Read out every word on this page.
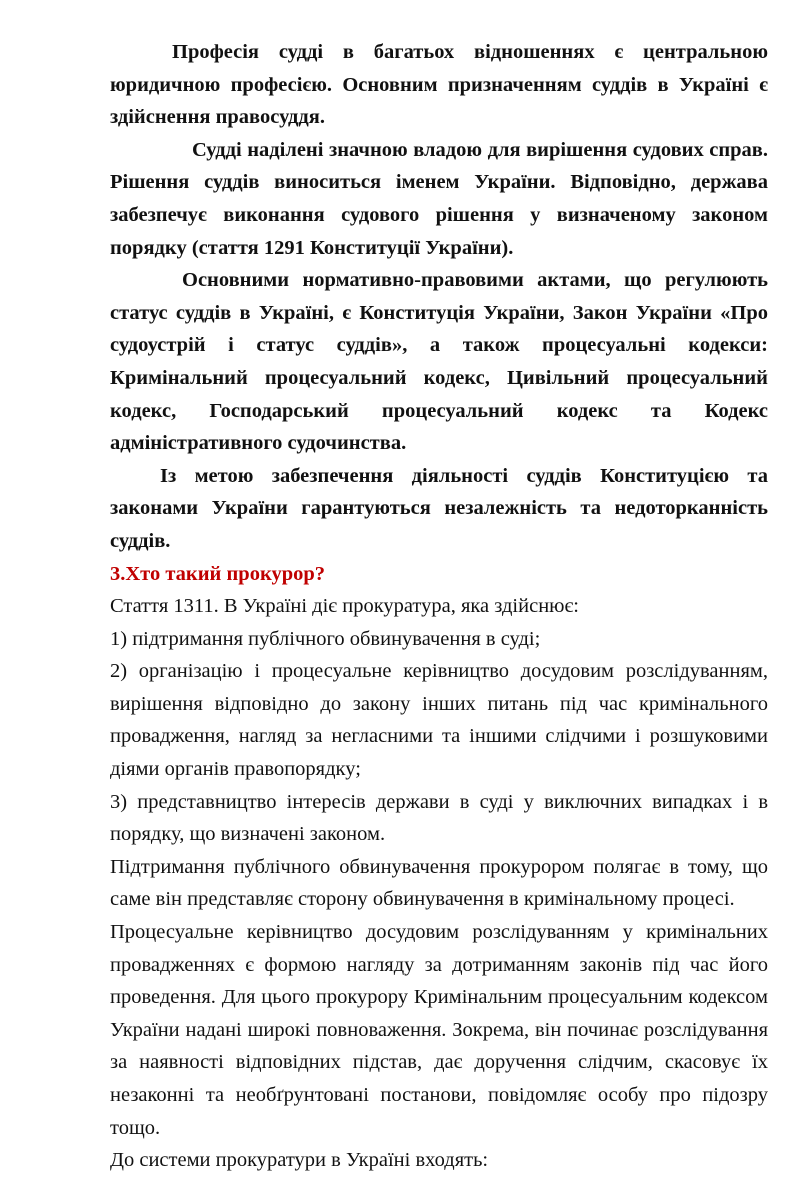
Професія судді в багатьох відношеннях є центральною юридичною професією. Основним призначенням суддів в Україні є здійснення правосуддя.

Судді наділені значною владою для вирішення судових справ. Рішення суддів виноситься іменем України. Відповідно, держава забезпечує виконання судового рішення у визначеному законом порядку (стаття 1291 Конституції України).

Основними нормативно-правовими актами, що регулюють статус суддів в Україні, є Конституція України, Закон України «Про судоустрій і статус суддів», а також процесуальні кодекси: Кримінальний процесуальний кодекс, Цивільний процесуальний кодекс, Господарський процесуальний кодекс та Кодекс адміністративного судочинства.

Із метою забезпечення діяльності суддів Конституцією та законами України гарантуються незалежність та недоторканність суддів.

3.Хто такий прокурор?

Стаття 1311. В Україні діє прокуратура, яка здійснює:

1) підтримання публічного обвинувачення в суді;

2) організацію і процесуальне керівництво досудовим розслідуванням, вирішення відповідно до закону інших питань під час кримінального провадження, нагляд за негласними та іншими слідчими і розшуковими діями органів правопорядку;

3) представництво інтересів держави в суді у виключних випадках і в порядку, що визначені законом.

Підтримання публічного обвинувачення прокурором полягає в тому, що саме він представляє сторону обвинувачення в кримінальному процесі.

Процесуальне керівництво досудовим розслідуванням у кримінальних провадженнях є формою нагляду за дотриманням законів під час його проведення. Для цього прокурору Кримінальним процесуальним кодексом України надані широкі повноваження. Зокрема, він починає розслідування за наявності відповідних підстав, дає доручення слідчим, скасовує їх незаконні та необґрунтовані постанови, повідомляє особу про підозру тощо.

До системи прокуратури в Україні входять:
